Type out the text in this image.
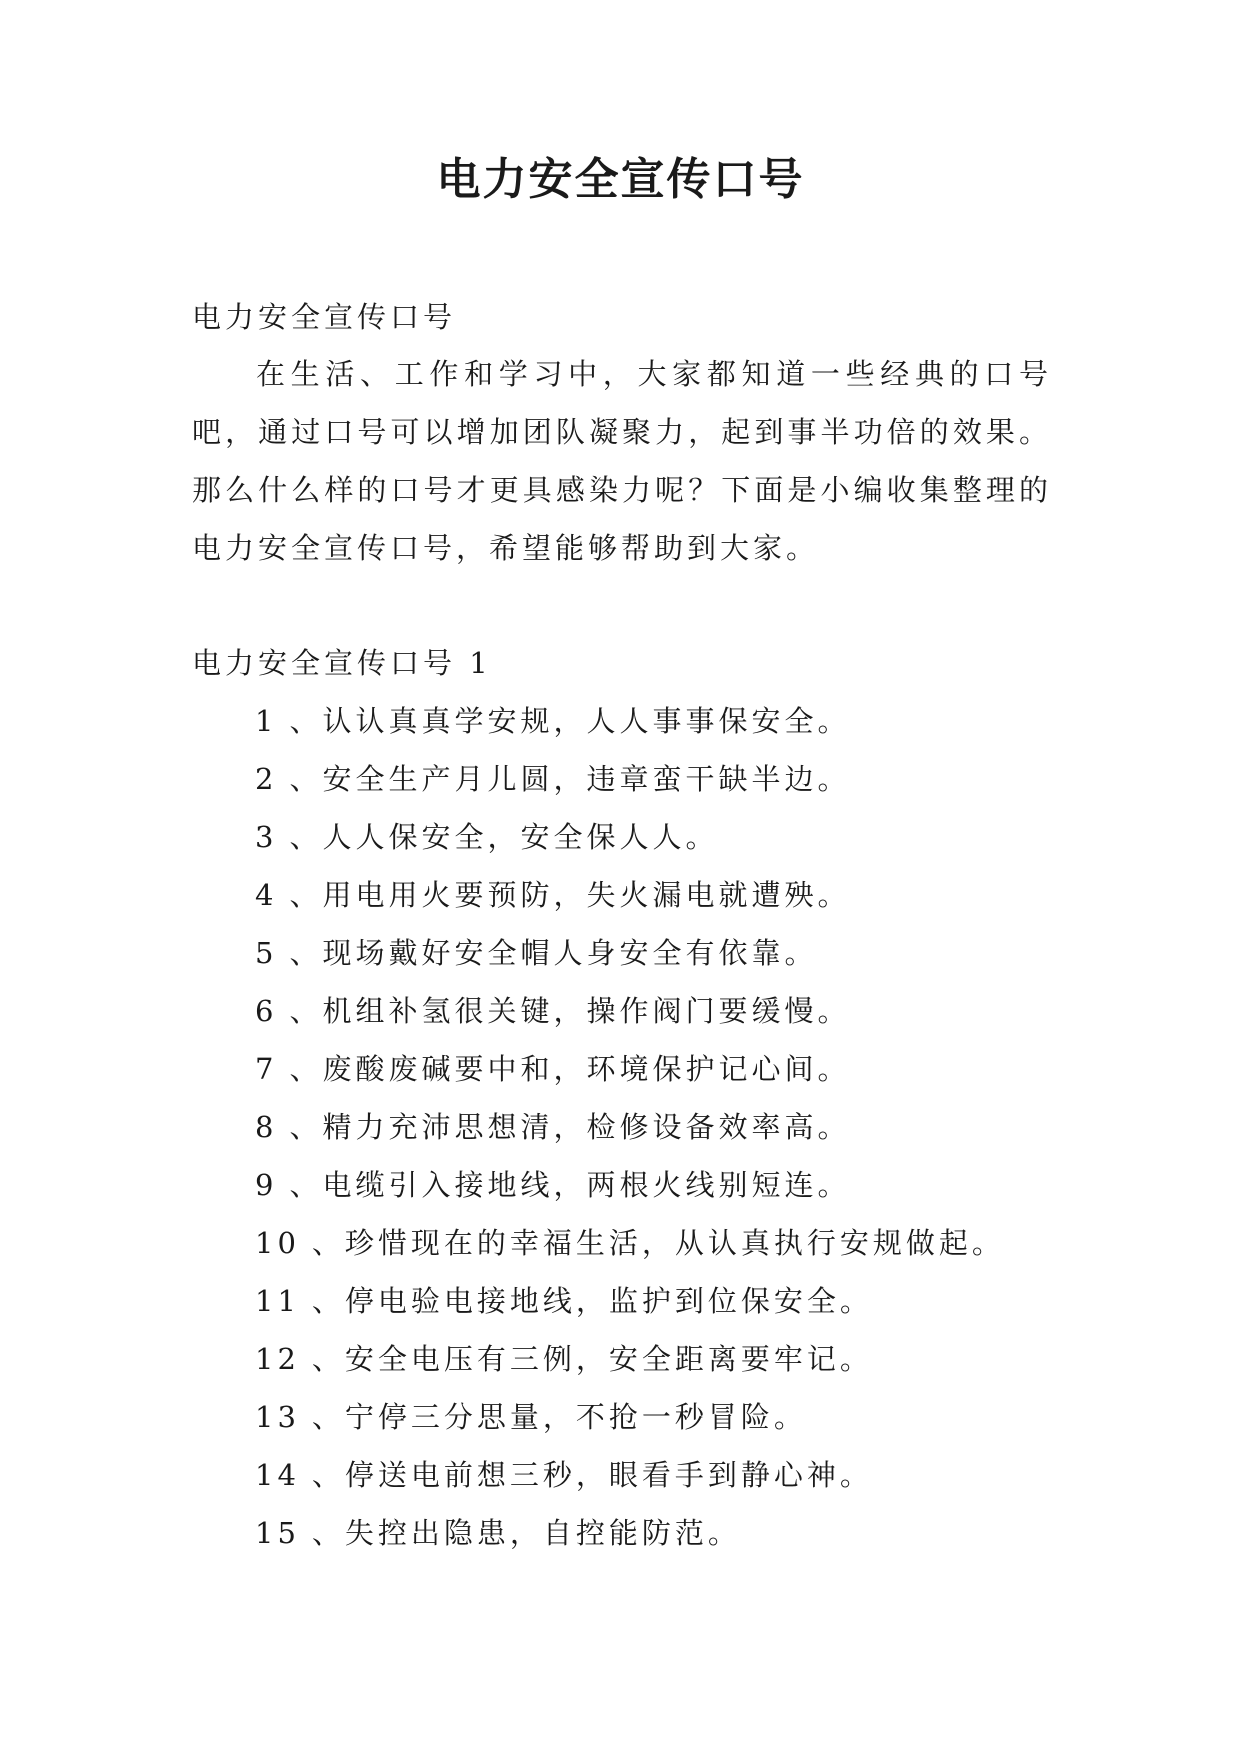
电力安全宣传口号

电力安全宣传口号

在生活、工作和学习中，大家都知道一些经典的口号吧，通过口号可以增加团队凝聚力，起到事半功倍的效果。那么什么样的口号才更具感染力呢？下面是小编收集整理的电力安全宣传口号，希望能够帮助到大家。

电力安全宣传口号 1

1 、认认真真学安规，人人事事保安全。
2 、安全生产月儿圆，违章蛮干缺半边。
3 、人人保安全，安全保人人。
4 、用电用火要预防，失火漏电就遭殃。
5 、现场戴好安全帽人身安全有依靠。
6 、机组补氢很关键，操作阀门要缓慢。
7 、废酸废碱要中和，环境保护记心间。
8 、精力充沛思想清，检修设备效率高。
9 、电缆引入接地线，两根火线别短连。
10 、珍惜现在的幸福生活，从认真执行安规做起。
11 、停电验电接地线，监护到位保安全。
12 、安全电压有三例，安全距离要牢记。
13 、宁停三分思量，不抢一秒冒险。
14 、停送电前想三秒，眼看手到静心神。
15 、失控出隐患，自控能防范。
